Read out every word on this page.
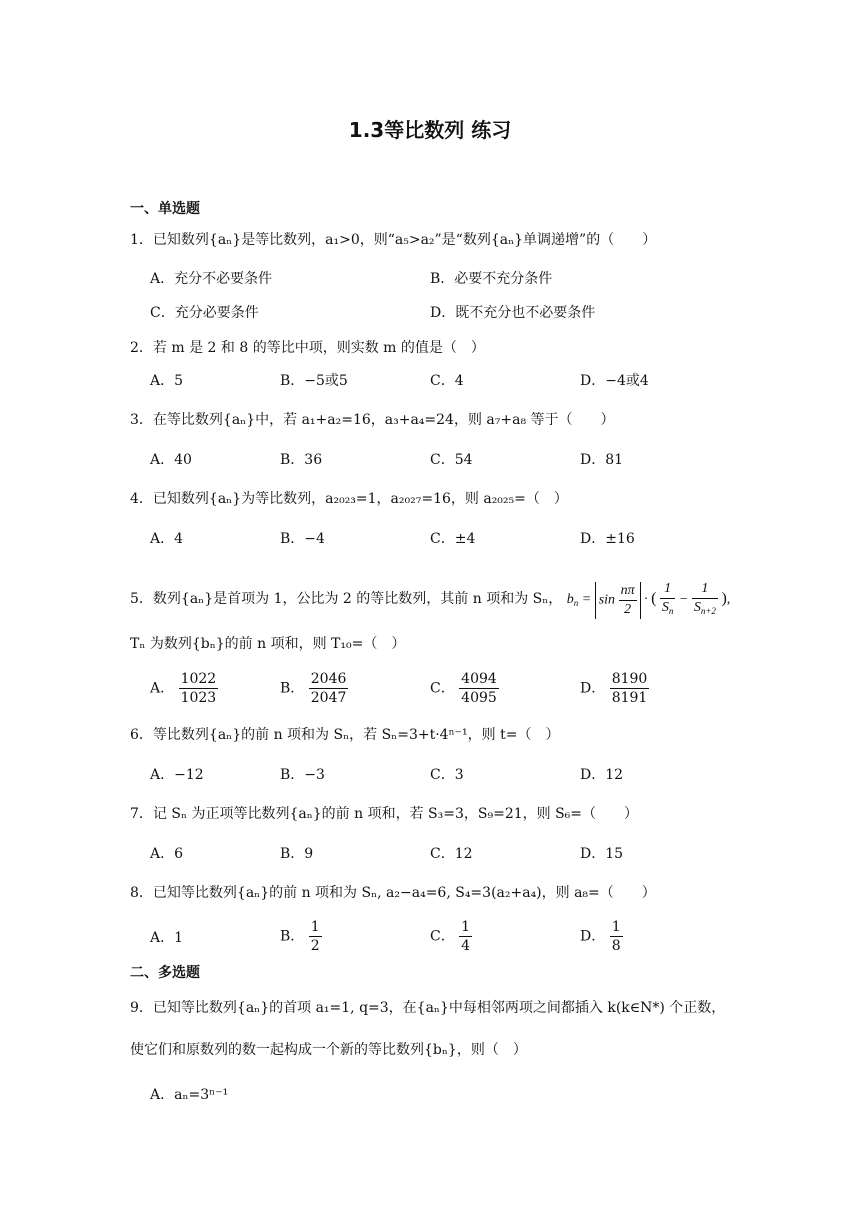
1.3等比数列 练习
一、单选题
1．已知数列{aₙ}是等比数列，a₁>0，则“a₅>a₂”是“数列{aₙ}单调递增”的（　　）
A．充分不必要条件	B．必要不充分条件
C．充分必要条件	D．既不充分也不必要条件
2．若 m 是 2 和 8 的等比中项，则实数 m 的值是（　）
A．5	B．−5或5	C．4	D．−4或4
3．在等比数列{aₙ}中，若 a₁+a₂=16，a₃+a₄=24，则 a₇+a₈ 等于（　　）
A．40	B．36	C．54	D．81
4．已知数列{aₙ}为等比数列，a₂₀₂₃=1，a₂₀₂₇=16，则 a₂₀₂₅=（　）
A．4	B．−4	C．±4	D．±16
5．数列{aₙ}是首项为 1，公比为 2 的等比数列，其前 n 项和为 Sₙ， $b_n = \sin \frac{n\pi}{2}$ · ( $\frac{1}{S_n} - \frac{1}{S_{n+2}}$ ),
Tₙ 为数列{bₙ}的前 n 项和，则 T₁₀=（　）
A． $\frac{1022}{1023}$	B． $\frac{2046}{2047}$	C． $\frac{4094}{4095}$	D． $\frac{8190}{8191}$
6．等比数列{aₙ}的前 n 项和为 Sₙ，若 Sₙ=3+t·4ⁿ⁻¹，则 t=（　）
A．−12	B．−3	C．3	D．12
7．记 Sₙ 为正项等比数列{aₙ}的前 n 项和，若 S₃=3，S₉=21，则 S₆=（　　）
A．6	B．9	C．12	D．15
8．已知等比数列{aₙ}的前 n 项和为 Sₙ, a₂−a₄=6, S₄=3(a₂+a₄)，则 a₈=（　　）
A．1	B． $\frac{1}{2}$	C． $\frac{1}{4}$	D． $\frac{1}{8}$
二、多选题
9．已知等比数列{aₙ}的首项 a₁=1, q=3，在{aₙ}中每相邻两项之间都插入 k(k∈N*) 个正数，
使它们和原数列的数一起构成一个新的等比数列{bₙ}，则（　）
A．aₙ=3ⁿ⁻¹
